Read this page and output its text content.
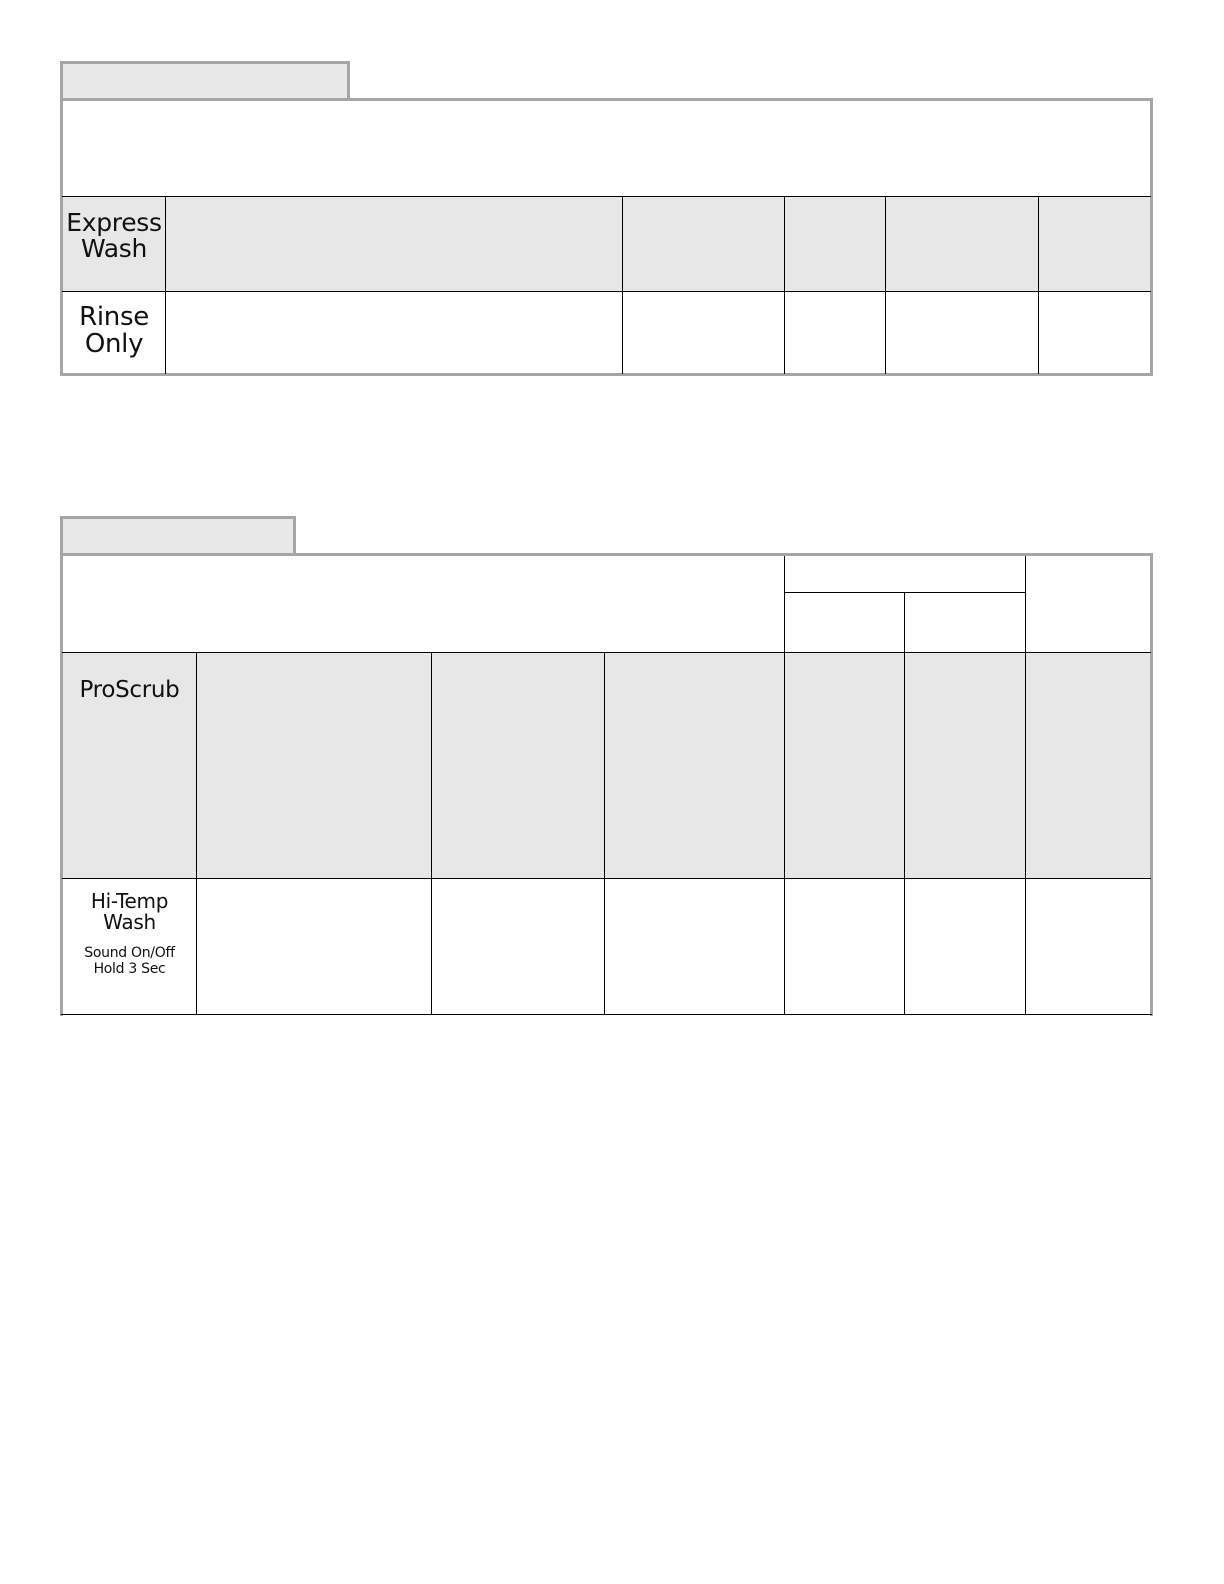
Express
Wash
Rinse
Only
ProScrub
Hi-Temp
Wash
Sound On/Off
Hold 3 Sec
